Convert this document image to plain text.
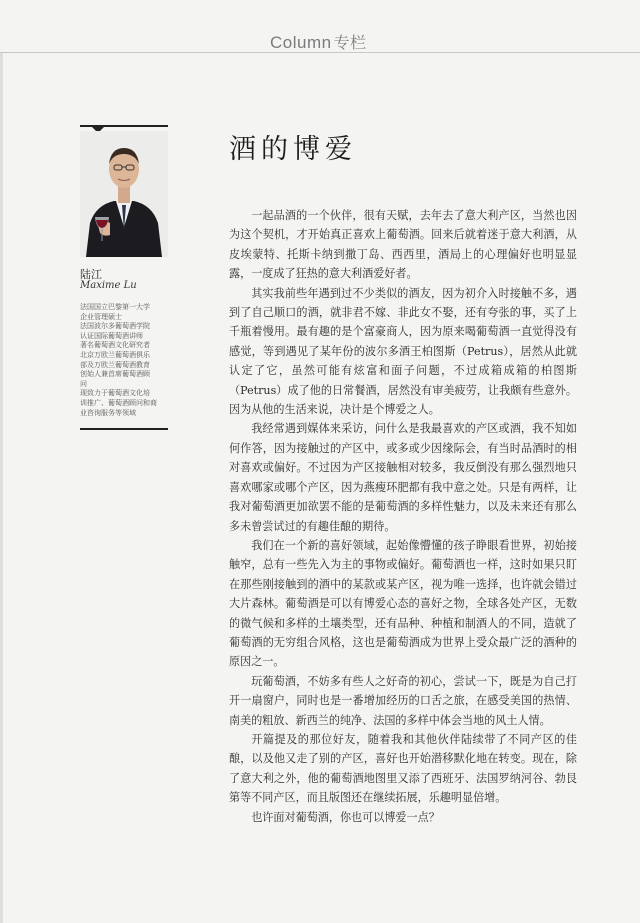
Column 专栏
陆江
Maxime Lu
法国国立巴黎第一大学
企业管理硕士
法国波尔多葡萄酒学院
认证国际葡萄酒讲师
著名葡萄酒文化研究者
北京万欧兰葡萄酒俱乐
部及万欧兰葡萄酒教育
创始人兼首席葡萄酒顾
问
现致力于葡萄酒文化培
训推广、葡萄酒顾问和商
业咨询服务等领域
酒的博爱

一起品酒的一个伙伴，很有天赋，去年去了意大利产区，当然也因为这个契机，才开始真正喜欢上葡萄酒。回来后就着迷于意大利酒，从皮埃蒙特、托斯卡纳到撒丁岛、西西里，酒局上的心理偏好也明显显露，一度成了狂热的意大利酒爱好者。

其实我前些年遇到过不少类似的酒友，因为初介入时接触不多，遇到了自己顺口的酒，就非君不嫁、非此女不娶，还有夸张的事，买了上千瓶着慢用。最有趣的是个富豪商人，因为原来喝葡萄酒一直觉得没有感觉，等到遇见了某年份的波尔多酒王柏图斯（Petrus），居然从此就认定了它，虽然可能有炫富和面子问题，不过成箱成箱的柏图斯（Petrus）成了他的日常餐酒，居然没有审美疲劳，让我颇有些意外。因为从他的生活来说，决计是个博爱之人。

我经常遇到媒体来采访，问什么是我最喜欢的产区或酒，我不知如何作答，因为接触过的产区中，或多或少因缘际会，有当时品酒时的相对喜欢或偏好。不过因为产区接触相对较多，我反倒没有那么强烈地只喜欢哪家或哪个产区，因为燕瘦环肥都有我中意之处。只是有两样，让我对葡萄酒更加欲罢不能的是葡萄酒的多样性魅力，以及未来还有那么多未曾尝试过的有趣佳酿的期待。

我们在一个新的喜好领域，起始像懵懂的孩子睁眼看世界，初始接触窄，总有一些先入为主的事物或偏好。葡萄酒也一样，这时如果只盯在那些刚接触到的酒中的某款或某产区，视为唯一选择，也许就会错过大片森林。葡萄酒是可以有博爱心态的喜好之物，全球各处产区，无数的微气候和多样的土壤类型，还有品种、种植和制酒人的不同，造就了葡萄酒的无穷组合风格，这也是葡萄酒成为世界上受众最广泛的酒种的原因之一。

玩葡萄酒，不妨多有些人之好奇的初心，尝试一下，既是为自己打开一扇窗户，同时也是一番增加经历的口舌之旅，在感受美国的热情、南美的粗放、新西兰的纯净、法国的多样中体会当地的风土人情。

开篇提及的那位好友，随着我和其他伙伴陆续带了不同产区的佳酿，以及他又走了别的产区，喜好也开始潜移默化地在转变。现在，除了意大利之外，他的葡萄酒地图里又添了西班牙、法国罗纳河谷、勃艮第等不同产区，而且版图还在继续拓展，乐趣明显倍增。

也许面对葡萄酒，你也可以博爱一点？
